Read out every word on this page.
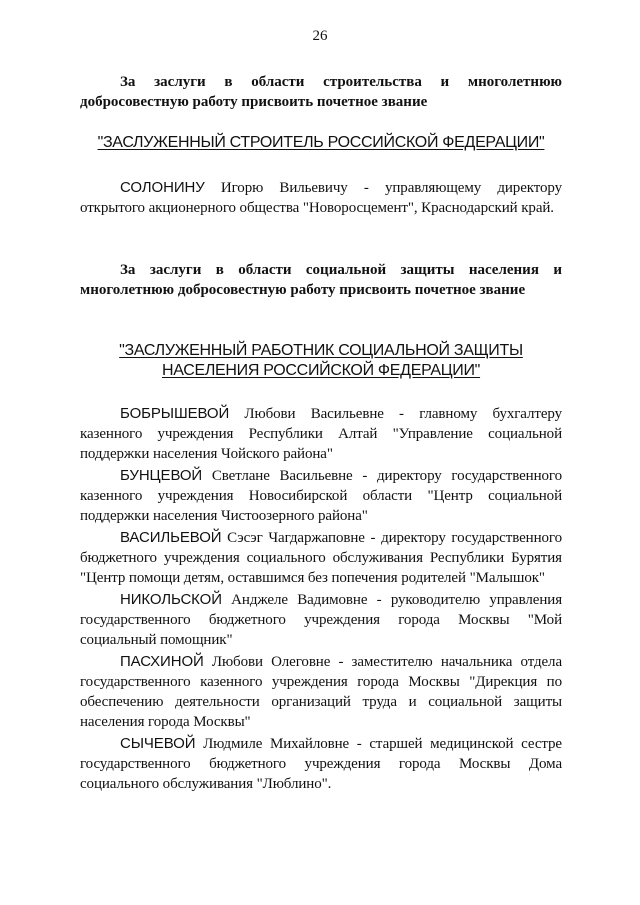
26

За заслуги в области строительства и многолетнюю добросовестную работу присвоить почетное звание

"ЗАСЛУЖЕННЫЙ СТРОИТЕЛЬ РОССИЙСКОЙ ФЕДЕРАЦИИ"

СОЛОНИНУ Игорю Вильевичу - управляющему директору открытого акционерного общества "Новоросцемент", Краснодарский край.

За заслуги в области социальной защиты населения и многолетнюю добросовестную работу присвоить почетное звание

"ЗАСЛУЖЕННЫЙ РАБОТНИК СОЦИАЛЬНОЙ ЗАЩИТЫ
НАСЕЛЕНИЯ РОССИЙСКОЙ ФЕДЕРАЦИИ"

БОБРЫШЕВОЙ Любови Васильевне - главному бухгалтеру казенного учреждения Республики Алтай "Управление социальной поддержки населения Чойского района"
БУНЦЕВОЙ Светлане Васильевне - директору государственного казенного учреждения Новосибирской области "Центр социальной поддержки населения Чистоозерного района"
ВАСИЛЬЕВОЙ Сэсэг Чагдаржаповне - директору государственного бюджетного учреждения социального обслуживания Республики Бурятия "Центр помощи детям, оставшимся без попечения родителей "Малышок"
НИКОЛЬСКОЙ Анджеле Вадимовне - руководителю управления государственного бюджетного учреждения города Москвы "Мой социальный помощник"
ПАСХИНОЙ Любови Олеговне - заместителю начальника отдела государственного казенного учреждения города Москвы "Дирекция по обеспечению деятельности организаций труда и социальной защиты населения города Москвы"
СЫЧЕВОЙ Людмиле Михайловне - старшей медицинской сестре государственного бюджетного учреждения города Москвы Дома социального обслуживания "Люблино".
